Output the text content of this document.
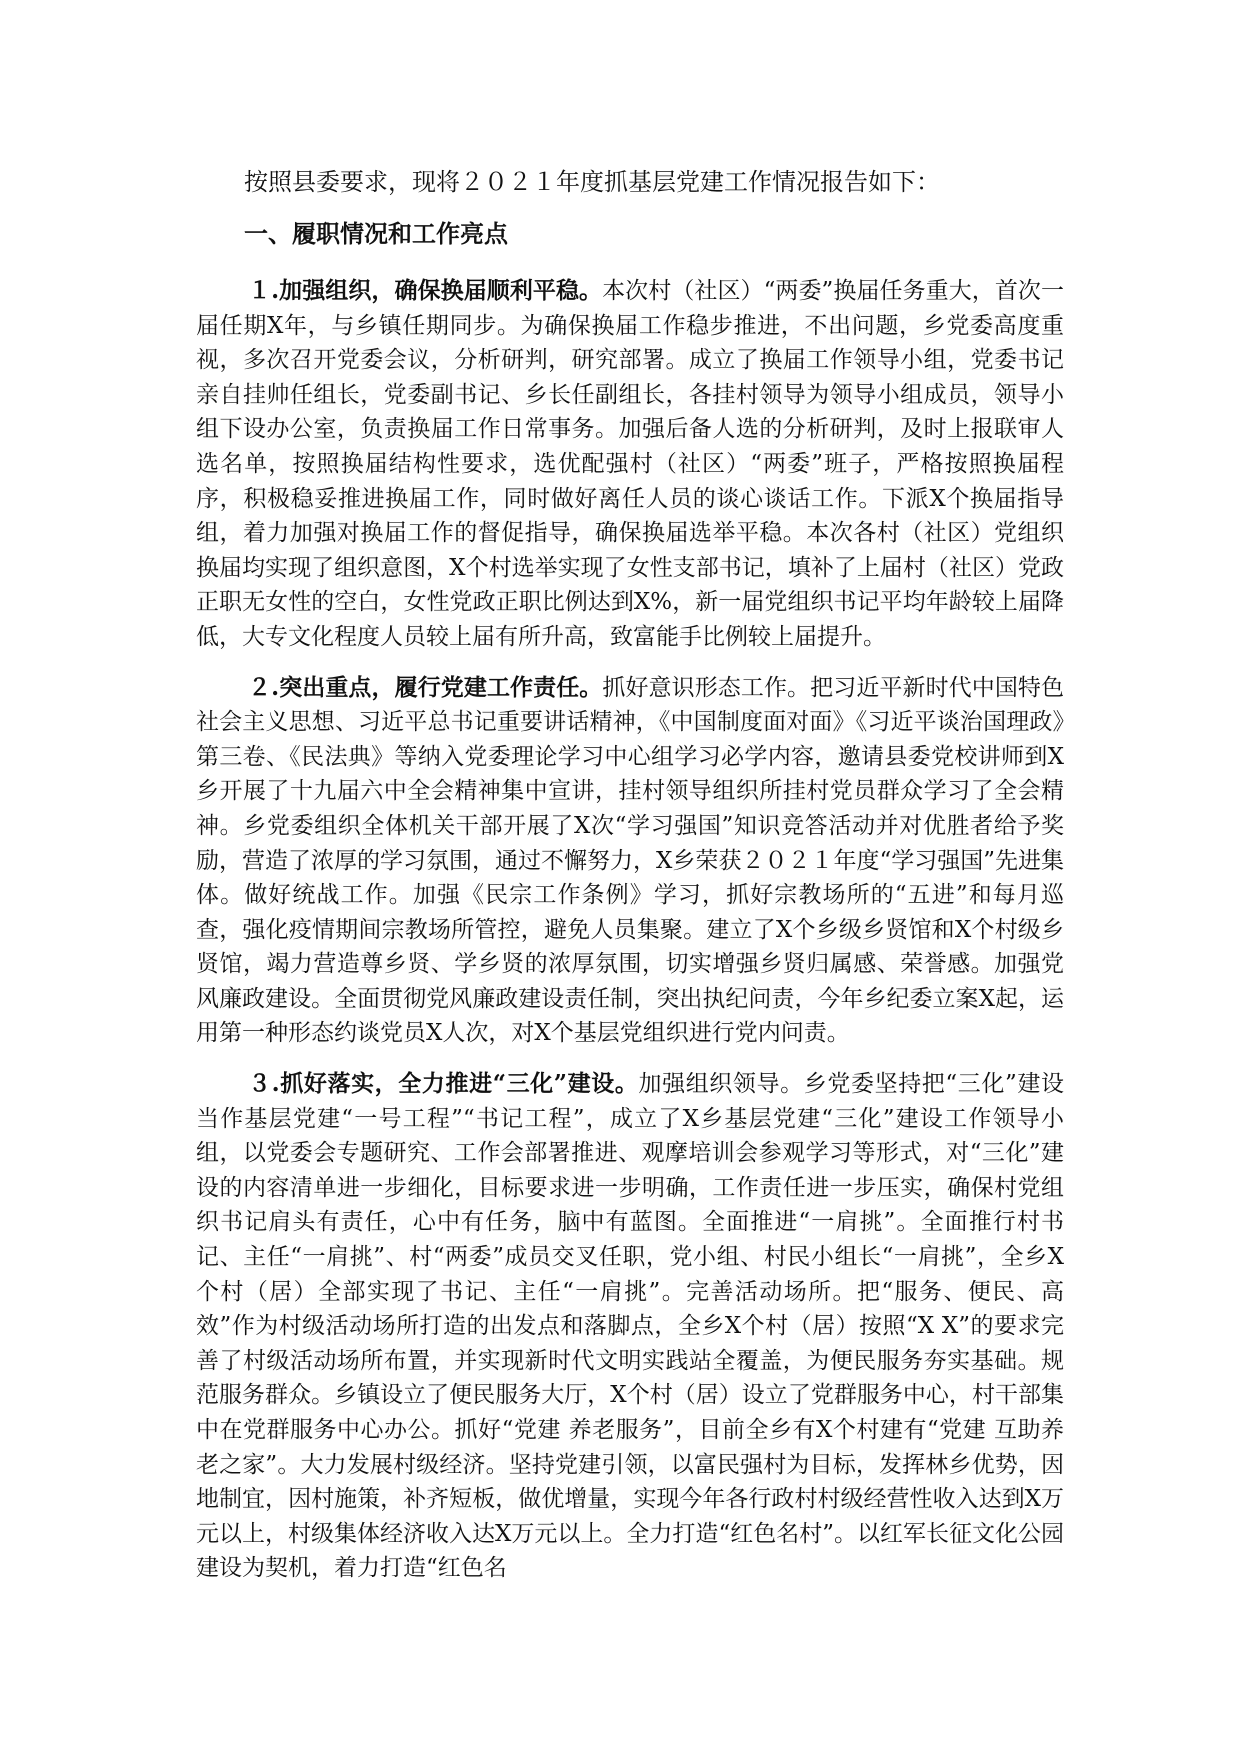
按照县委要求，现将２０２１年度抓基层党建工作情况报告如下：

一、履职情况和工作亮点

１.加强组织，确保换届顺利平稳。本次村（社区）“两委”换届任务重大，首次一届任期X年，与乡镇任期同步。为确保换届工作稳步推进，不出问题，乡党委高度重视，多次召开党委会议，分析研判，研究部署。成立了换届工作领导小组，党委书记亲自挂帅任组长，党委副书记、乡长任副组长，各挂村领导为领导小组成员，领导小组下设办公室，负责换届工作日常事务。加强后备人选的分析研判，及时上报联审人选名单，按照换届结构性要求，选优配强村（社区）“两委”班子，严格按照换届程序，积极稳妥推进换届工作，同时做好离任人员的谈心谈话工作。下派X个换届指导组，着力加强对换届工作的督促指导，确保换届选举平稳。本次各村（社区）党组织换届均实现了组织意图，X个村选举实现了女性支部书记，填补了上届村（社区）党政正职无女性的空白，女性党政正职比例达到X%，新一届党组织书记平均年龄较上届降低，大专文化程度人员较上届有所升高，致富能手比例较上届提升。

２.突出重点，履行党建工作责任。抓好意识形态工作。把习近平新时代中国特色社会主义思想、习近平总书记重要讲话精神，《中国制度面对面》《习近平谈治国理政》第三卷、《民法典》等纳入党委理论学习中心组学习必学内容，邀请县委党校讲师到X乡开展了十九届六中全会精神集中宣讲，挂村领导组织所挂村党员群众学习了全会精神。乡党委组织全体机关干部开展了X次“学习强国”知识竞答活动并对优胜者给予奖励，营造了浓厚的学习氛围，通过不懈努力，X乡荣获２０２１年度“学习强国”先进集体。做好统战工作。加强《民宗工作条例》学习，抓好宗教场所的“五进”和每月巡查，强化疫情期间宗教场所管控，避免人员集聚。建立了X个乡级乡贤馆和X个村级乡贤馆，竭力营造尊乡贤、学乡贤的浓厚氛围，切实增强乡贤归属感、荣誉感。加强党风廉政建设。全面贯彻党风廉政建设责任制，突出执纪问责，今年乡纪委立案X起，运用第一种形态约谈党员X人次，对X个基层党组织进行党内问责。

３.抓好落实，全力推进“三化”建设。加强组织领导。乡党委坚持把“三化”建设当作基层党建“一号工程”“书记工程”，成立了X乡基层党建“三化”建设工作领导小组，以党委会专题研究、工作会部署推进、观摩培训会参观学习等形式，对“三化”建设的内容清单进一步细化，目标要求进一步明确，工作责任进一步压实，确保村党组织书记肩头有责任，心中有任务，脑中有蓝图。全面推进“一肩挑”。全面推行村书记、主任“一肩挑”、村“两委”成员交叉任职，党小组、村民小组长“一肩挑”，全乡X个村（居）全部实现了书记、主任“一肩挑”。完善活动场所。把“服务、便民、高效”作为村级活动场所打造的出发点和落脚点，全乡X个村（居）按照“X X”的要求完善了村级活动场所布置，并实现新时代文明实践站全覆盖，为便民服务夯实基础。规范服务群众。乡镇设立了便民服务大厅，X个村（居）设立了党群服务中心，村干部集中在党群服务中心办公。抓好“党建 养老服务”，目前全乡有X个村建有“党建 互助养老之家”。大力发展村级经济。坚持党建引领，以富民强村为目标，发挥林乡优势，因地制宜，因村施策，补齐短板，做优增量，实现今年各行政村村级经营性收入达到X万元以上，村级集体经济收入达X万元以上。全力打造“红色名村”。以红军长征文化公园建设为契机，着力打造“红色名
